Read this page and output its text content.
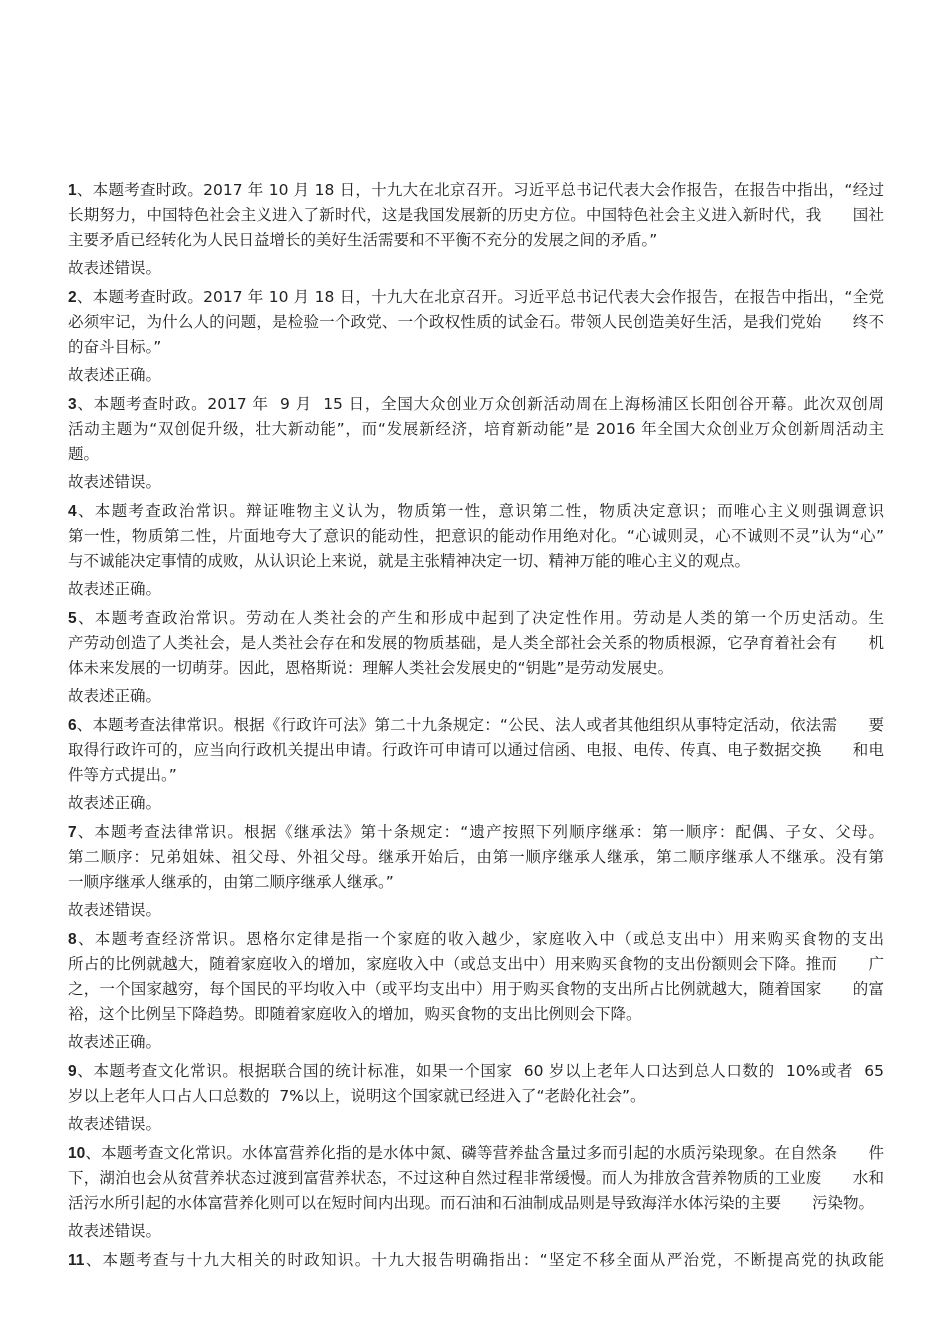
1、本题考查时政。2017 年 10 月 18 日，十九大在北京召开。习近平总书记代表大会作报告，在报告中指出，“经过
长期努力，中国特色社会主义进入了新时代，这是我国发展新的历史方位。中国特色社会主义进入新时代，我　　国社
主要矛盾已经转化为人民日益增长的美好生活需要和不平衡不充分的发展之间的矛盾。”
故表述错误。
2、本题考查时政。2017 年 10 月 18 日，十九大在北京召开。习近平总书记代表大会作报告，在报告中指出，“全党
必须牢记，为什么人的问题，是检验一个政党、一个政权性质的试金石。带领人民创造美好生活，是我们党始　　终不
的奋斗目标。”
故表述正确。
3、本题考查时政。2017 年  9 月  15 日，全国大众创业万众创新活动周在上海杨浦区长阳创谷开幕。此次双创周
活动主题为“双创促升级，壮大新动能”，而“发展新经济，培育新动能”是 2016 年全国大众创业万众创新周活动主
题。
故表述错误。
4、本题考查政治常识。辩证唯物主义认为，物质第一性，意识第二性，物质决定意识；而唯心主义则强调意识
第一性，物质第二性，片面地夸大了意识的能动性，把意识的能动作用绝对化。“心诚则灵，心不诚则不灵”认为“心”　　
与不诚能决定事情的成败，从认识论上来说，就是主张精神决定一切、精神万能的唯心主义的观点。
故表述正确。
5、本题考查政治常识。劳动在人类社会的产生和形成中起到了决定性作用。劳动是人类的第一个历史活动。生
产劳动创造了人类社会，是人类社会存在和发展的物质基础，是人类全部社会关系的物质根源，它孕育着社会有　　机
体未来发展的一切萌芽。因此，恩格斯说：理解人类社会发展史的“钥匙”是劳动发展史。
故表述正确。
6、本题考查法律常识。根据《行政许可法》第二十九条规定：“公民、法人或者其他组织从事特定活动，依法需　　要
取得行政许可的，应当向行政机关提出申请。行政许可申请可以通过信函、电报、电传、传真、电子数据交换　　和电
件等方式提出。”
故表述正确。
7、本题考查法律常识。根据《继承法》第十条规定：“遗产按照下列顺序继承：第一顺序：配偶、子女、父母。
第二顺序：兄弟姐妹、祖父母、外祖父母。继承开始后，由第一顺序继承人继承，第二顺序继承人不继承。没有第
一顺序继承人继承的，由第二顺序继承人继承。”
故表述错误。
8、本题考查经济常识。恩格尔定律是指一个家庭的收入越少，家庭收入中（或总支出中）用来购买食物的支出
所占的比例就越大，随着家庭收入的增加，家庭收入中（或总支出中）用来购买食物的支出份额则会下降。推而　　广
之，一个国家越穷，每个国民的平均收入中（或平均支出中）用于购买食物的支出所占比例就越大，随着国家　　的富
裕，这个比例呈下降趋势。即随着家庭收入的增加，购买食物的支出比例则会下降。
故表述正确。
9、本题考查文化常识。根据联合国的统计标准，如果一个国家  60 岁以上老年人口达到总人口数的  10%或者  65
岁以上老年人口占人口总数的  7%以上，说明这个国家就已经进入了“老龄化社会”。
故表述错误。
10、本题考查文化常识。水体富营养化指的是水体中氮、磷等营养盐含量过多而引起的水质污染现象。在自然条　　件
下，湖泊也会从贫营养状态过渡到富营养状态，不过这种自然过程非常缓慢。而人为排放含营养物质的工业废　　水和
活污水所引起的水体富营养化则可以在短时间内出现。而石油和石油制成品则是导致海洋水体污染的主要　　污染物。
故表述错误。
11、本题考查与十九大相关的时政知识。十九大报告明确指出：“坚定不移全面从严治党，不断提高党的执政能
